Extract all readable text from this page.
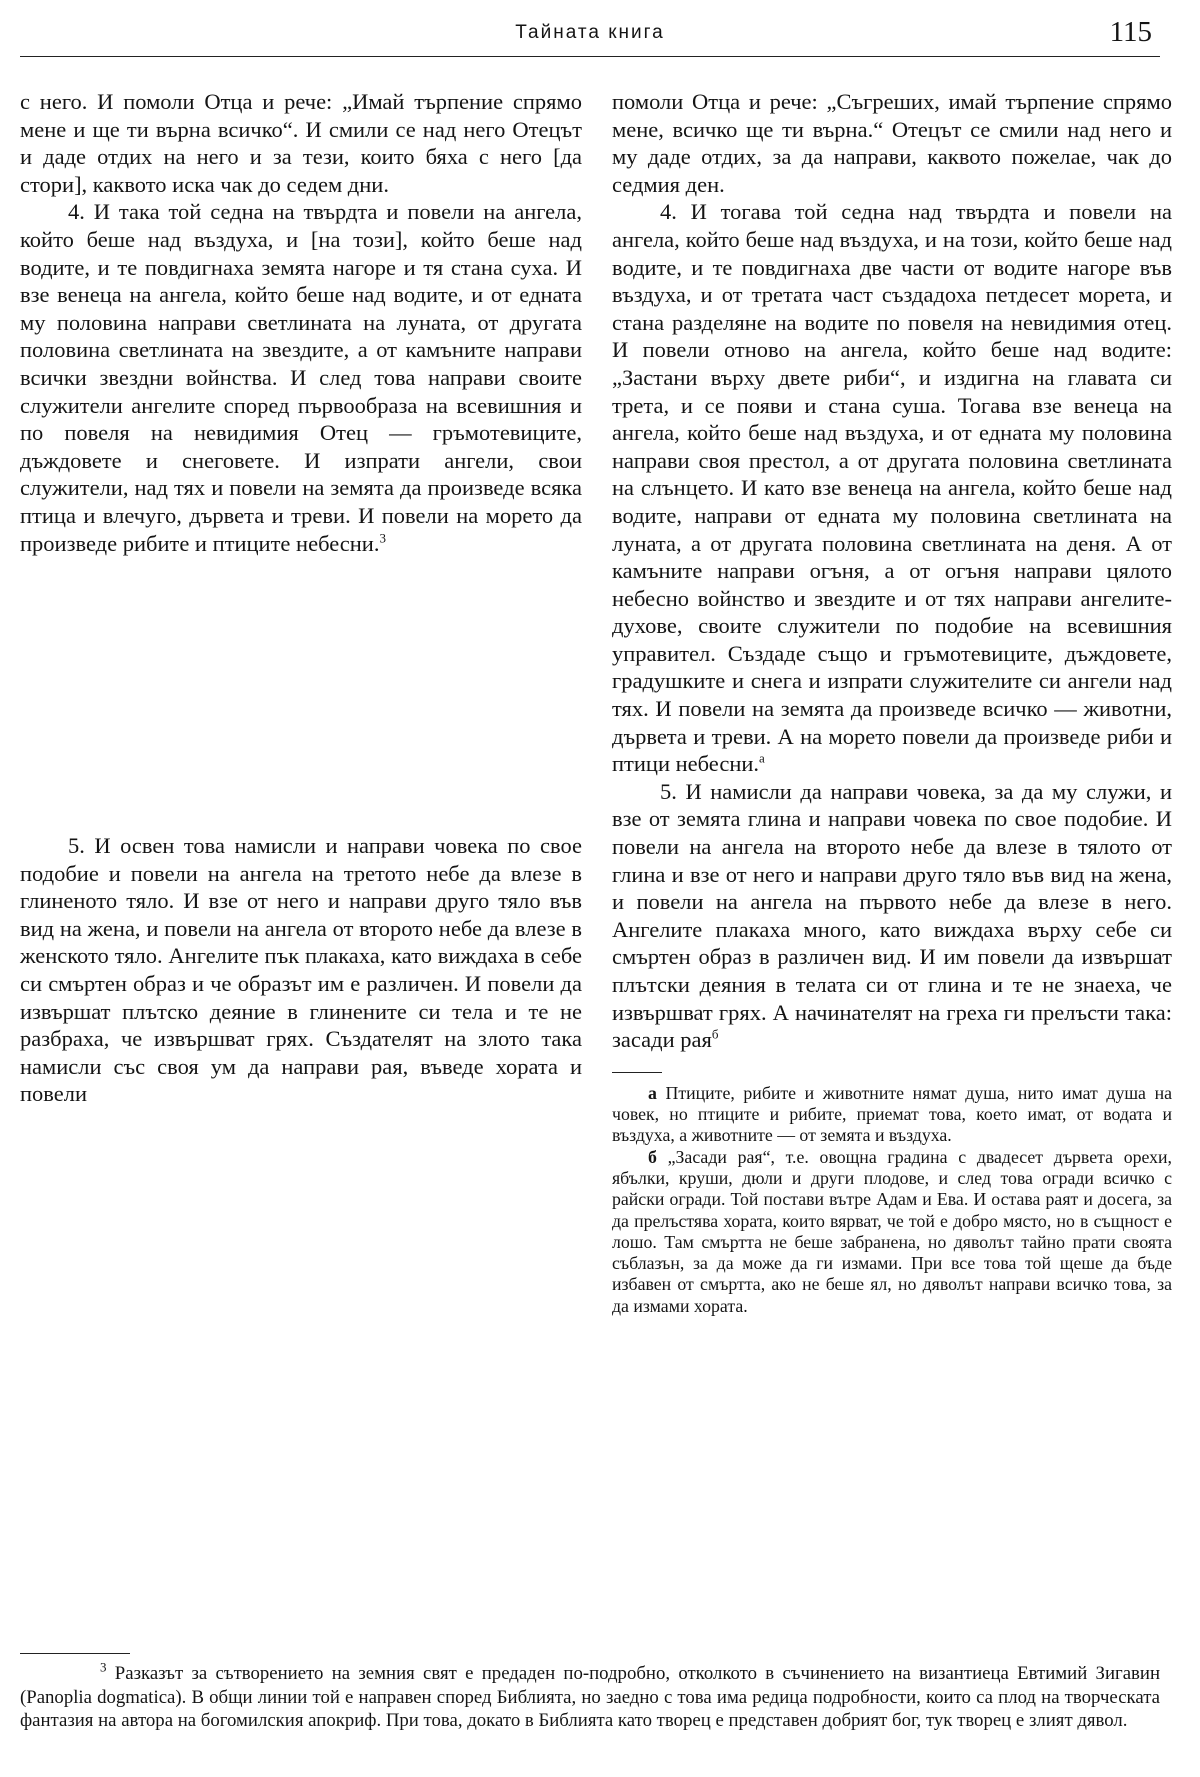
Тайната книга	115

с него. И помоли Отца и рече: „Имай търпение спрямо мене и ще ти върна всичко“. И смили се над него Отецът и даде отдих на него и за тези, които бяха с него [да стори], каквото иска чак до седем дни.

4. И така той седна на твърдта и повели на ангела, който беше над въздуха, и [на този], който беше над водите, и те повдигнаха земята нагоре и тя стана суха. И взе венеца на ангела, който беше над водите, и от едната му половина направи светлината на луната, от другата половина светлината на звездите, а от камъните направи всички звездни войнства. И след това направи своите служители ангелите според първообраза на всевишния и по повеля на невидимия Отец — гръмотевиците, дъждовете и снеговете. И изпрати ангели, свои служители, над тях и повели на земята да произведе всяка птица и влечуго, дървета и треви. И повели на морето да произведе рибите и птиците небесни.$^3$

5. И освен това намисли и направи човека по свое подобие и повели на ангела на третото небе да влезе в глиненото тяло. И взе от него и направи друго тяло във вид на жена, и повели на ангела от второто небе да влезе в женското тяло. Ангелите пък плакаха, като виждаха в себе си смъртен образ и че образът им е различен. И повели да извършат плътско деяние в глинените си тела и те не разбраха, че извършват грях. Създателят на злото така намисли със своя ум да направи рая, въведе хората и повели

помоли Отца и рече: „Съгреших, имай търпение спрямо мене, всичко ще ти върна.“ Отецът се смили над него и му даде отдих, за да направи, каквото пожелае, чак до седмия ден.

4. И тогава той седна над твърдта и повели на ангела, който беше над въздуха, и на този, който беше над водите, и те повдигнаха две части от водите нагоре във въздуха, и от третата част създадоха петдесет морета, и стана разделяне на водите по повеля на невидимия отец. И повели отново на ангела, който беше над водите: „Застани върху двете риби“, и издигна на главата си трета, и се появи и стана суша. Тогава взе венеца на ангела, който беше над въздуха, и от едната му половина направи своя престол, а от другата половина светлината на слънцето. И като взе венеца на ангела, който беше над водите, направи от едната му половина светлината на луната, а от другата половина светлината на деня. А от камъните направи огъня, а от огъня направи цялото небесно войнство и звездите и от тях направи ангелите-духове, своите служители по подобие на всевишния управител. Създаде също и гръмотевиците, дъждовете, градушките и снега и изпрати служителите си ангели над тях. И повели на земята да произведе всичко — животни, дървета и треви. А на морето повели да произведе риби и птици небесни.$^а$

5. И намисли да направи човека, за да му служи, и взе от земята глина и направи човека по свое подобие. И повели на ангела на второто небе да влезе в тялото от глина и взе от него и направи друго тяло във вид на жена, и повели на ангела на първото небе да влезе в него. Ангелите плакаха много, като виждаха върху себе си смъртен образ в различен вид. И им повели да извършат плътски деяния в телата си от глина и те не знаеха, че извършват грях. А начинателят на греха ги прелъсти така: засади рая$^б$

а Птиците, рибите и животните нямат душа, нито имат душа на човек, но птиците и рибите, приемат това, което имат, от водата и въздуха, а животните — от земята и въздуха.

б „Засади рая“, т.е. овощна градина с двадесет дървета орехи, ябълки, круши, дюли и други плодове, и след това огради всичко с райски огради. Той постави вътре Адам и Ева. И остава раят и досега, за да прелъстява хората, които вярват, че той е добро място, но в същност е лошо. Там смъртта не беше забранена, но дяволът тайно прати своята съблазън, за да може да ги измами. При все това той щеше да бъде избавен от смъртта, ако не беше ял, но дяволът направи всичко това, за да измами хората.

$^3$ Разказът за сътворението на земния свят е предаден по-подробно, отколкото в съчинението на византиеца Евтимий Зигавин (Panoplia dogmatica). В общи линии той е направен според Библията, но заедно с това има редица подробности, които са плод на творческата фантазия на автора на богомилския апокриф. При това, докато в Библията като творец е представен добрият бог, тук творец е злият дявол.
